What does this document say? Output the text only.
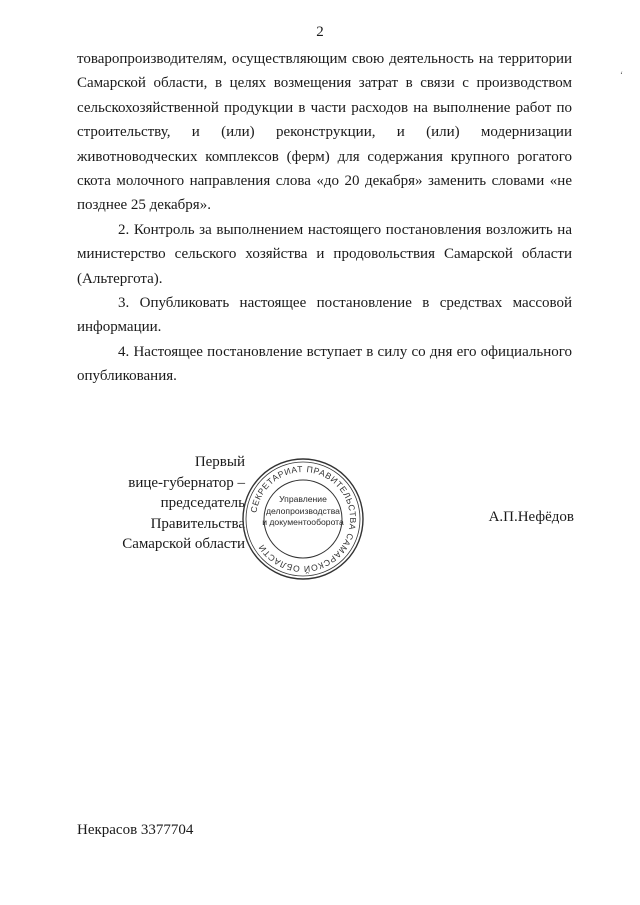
2
‘

товаропроизводителям, осуществляющим свою деятельность на территории Самарской области, в целях возмещения затрат в связи с производством сельскохозяйственной продукции в части расходов на выполнение работ по строительству, и (или) реконструкции, и (или) модернизации животноводческих комплексов (ферм) для содержания крупного рогатого скота молочного направления слова «до 20 декабря» заменить словами «не позднее 25 декабря».

2. Контроль за выполнением настоящего постановления возложить на министерство сельского хозяйства и продовольствия Самарской области (Альтергота).

3. Опубликовать настоящее постановление в средствах массовой информации.

4. Настоящее постановление вступает в силу со дня его официального опубликования.

Первый
вице-губернатор –
председатель Правительства
Самарской области
СЕКРЕТАРИАТ ПРАВИТЕЛЬСТВА САМАРСКОЙ ОБЛАСТИ
Управление
делопроизводства
и документооборота	А.П.Нефёдов
Некрасов 3377704
